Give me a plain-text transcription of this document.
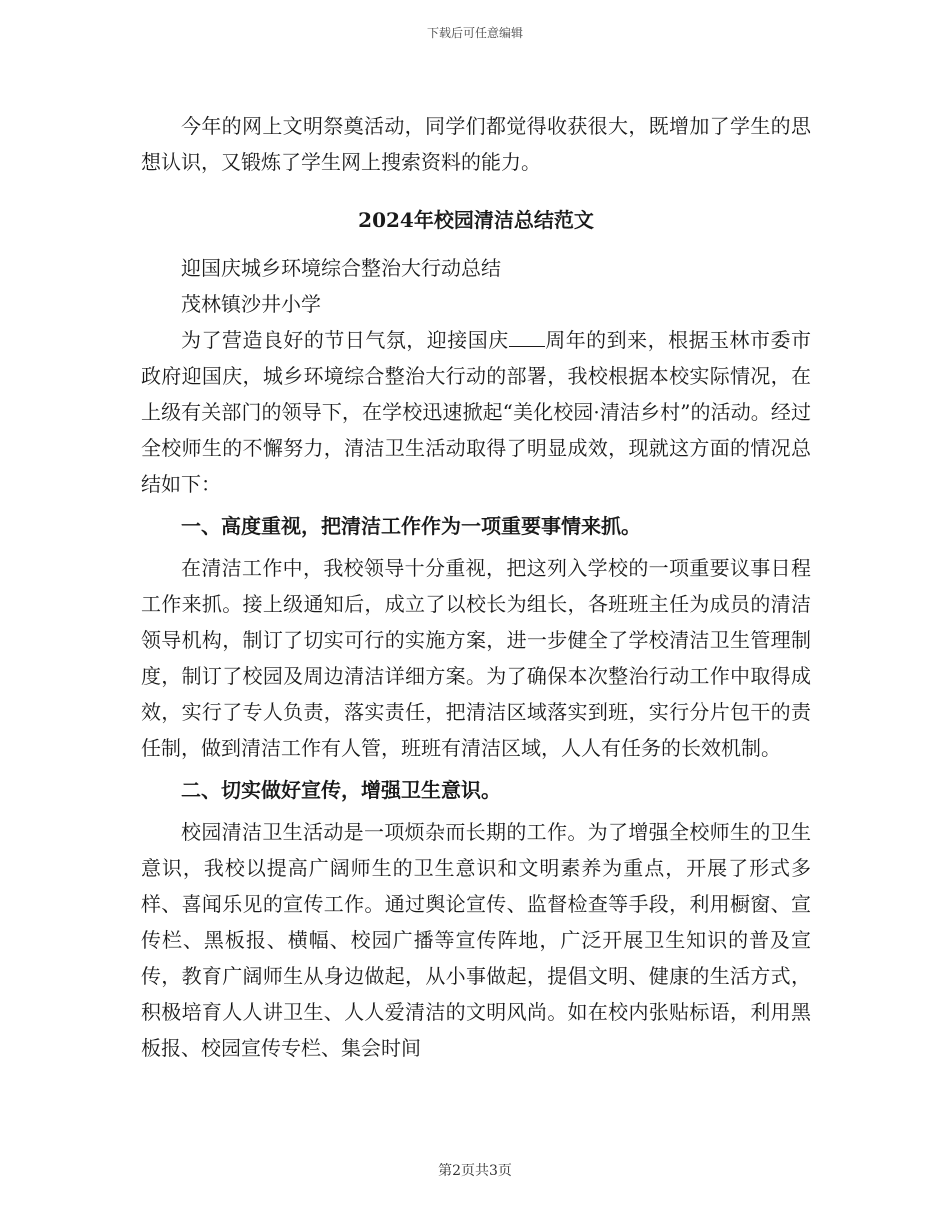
下载后可任意编辑

今年的网上文明祭奠活动，同学们都觉得收获很大，既增加了学生的思想认识，又锻炼了学生网上搜索资料的能力。

2024年校园清洁总结范文

迎国庆城乡环境综合整治大行动总结

茂林镇沙井小学

为了营造良好的节日气氛，迎接国庆 周年的到来，根据玉林市委市政府迎国庆，城乡环境综合整治大行动的部署，我校根据本校实际情况，在上级有关部门的领导下，在学校迅速掀起“美化校园·清洁乡村”的活动。经过全校师生的不懈努力，清洁卫生活动取得了明显成效，现就这方面的情况总结如下：

一、高度重视，把清洁工作作为一项重要事情来抓。

在清洁工作中，我校领导十分重视，把这列入学校的一项重要议事日程工作来抓。接上级通知后，成立了以校长为组长，各班班主任为成员的清洁领导机构，制订了切实可行的实施方案，进一步健全了学校清洁卫生管理制度，制订了校园及周边清洁详细方案。为了确保本次整治行动工作中取得成效，实行了专人负责，落实责任，把清洁区域落实到班，实行分片包干的责任制，做到清洁工作有人管，班班有清洁区域，人人有任务的长效机制。

二、切实做好宣传，增强卫生意识。

校园清洁卫生活动是一项烦杂而长期的工作。为了增强全校师生的卫生意识，我校以提高广阔师生的卫生意识和文明素养为重点，开展了形式多样、喜闻乐见的宣传工作。通过舆论宣传、监督检查等手段，利用橱窗、宣传栏、黑板报、横幅、校园广播等宣传阵地，广泛开展卫生知识的普及宣传，教育广阔师生从身边做起，从小事做起，提倡文明、健康的生活方式，积极培育人人讲卫生、人人爱清洁的文明风尚。如在校内张贴标语，利用黑板报、校园宣传专栏、集会时间

第2页共3页
